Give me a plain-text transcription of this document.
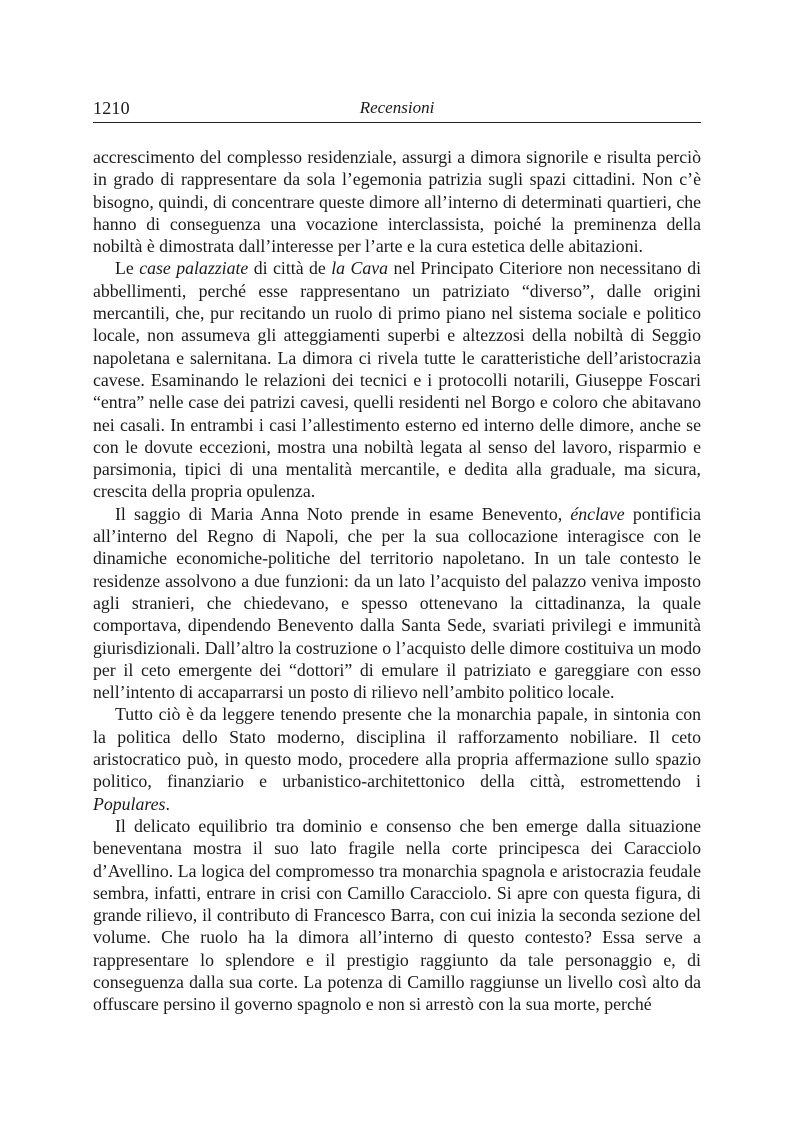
1210	Recensioni

accrescimento del complesso residenziale, assurgi a dimora signorile e risulta perciò in grado di rappresentare da sola l’egemonia patrizia sugli spazi cittadini. Non c’è bisogno, quindi, di concentrare queste dimore all’interno di determinati quartieri, che hanno di conseguenza una vocazione interclassista, poiché la preminenza della nobiltà è dimostrata dall’interesse per l’arte e la cura estetica delle abitazioni.

Le case palazziate di città de la Cava nel Principato Citeriore non necessitano di abbellimenti, perché esse rappresentano un patriziato “diverso”, dalle origini mercantili, che, pur recitando un ruolo di primo piano nel sistema sociale e politico locale, non assumeva gli atteggiamenti superbi e altezzosi della nobiltà di Seggio napoletana e salernitana. La dimora ci rivela tutte le caratteristiche dell’aristocrazia cavese. Esaminando le relazioni dei tecnici e i protocolli notarili, Giuseppe Foscari “entra” nelle case dei patrizi cavesi, quelli residenti nel Borgo e coloro che abitavano nei casali. In entrambi i casi l’allestimento esterno ed interno delle dimore, anche se con le dovute eccezioni, mostra una nobiltà legata al senso del lavoro, risparmio e parsimonia, tipici di una mentalità mercantile, e dedita alla graduale, ma sicura, crescita della propria opulenza.

Il saggio di Maria Anna Noto prende in esame Benevento, énclave pontificia all’interno del Regno di Napoli, che per la sua collocazione interagisce con le dinamiche economiche-politiche del territorio napoletano. In un tale contesto le residenze assolvono a due funzioni: da un lato l’acquisto del palazzo veniva imposto agli stranieri, che chiedevano, e spesso ottenevano la cittadinanza, la quale comportava, dipendendo Benevento dalla Santa Sede, svariati privilegi e immunità giurisdizionali. Dall’altro la costruzione o l’acquisto delle dimore costituiva un modo per il ceto emergente dei “dottori” di emulare il patriziato e gareggiare con esso nell’intento di accaparrarsi un posto di rilievo nell’ambito politico locale.

Tutto ciò è da leggere tenendo presente che la monarchia papale, in sintonia con la politica dello Stato moderno, disciplina il rafforzamento nobiliare. Il ceto aristocratico può, in questo modo, procedere alla propria affermazione sullo spazio politico, finanziario e urbanistico-architettonico della città, estromettendo i Populares.

Il delicato equilibrio tra dominio e consenso che ben emerge dalla situazione beneventana mostra il suo lato fragile nella corte principesca dei Caracciolo d’Avellino. La logica del compromesso tra monarchia spagnola e aristocrazia feudale sembra, infatti, entrare in crisi con Camillo Caracciolo. Si apre con questa figura, di grande rilievo, il contributo di Francesco Barra, con cui inizia la seconda sezione del volume. Che ruolo ha la dimora all’interno di questo contesto? Essa serve a rappresentare lo splendore e il prestigio raggiunto da tale personaggio e, di conseguenza dalla sua corte. La potenza di Camillo raggiunse un livello così alto da offuscare persino il governo spagnolo e non si arrestò con la sua morte, perché
